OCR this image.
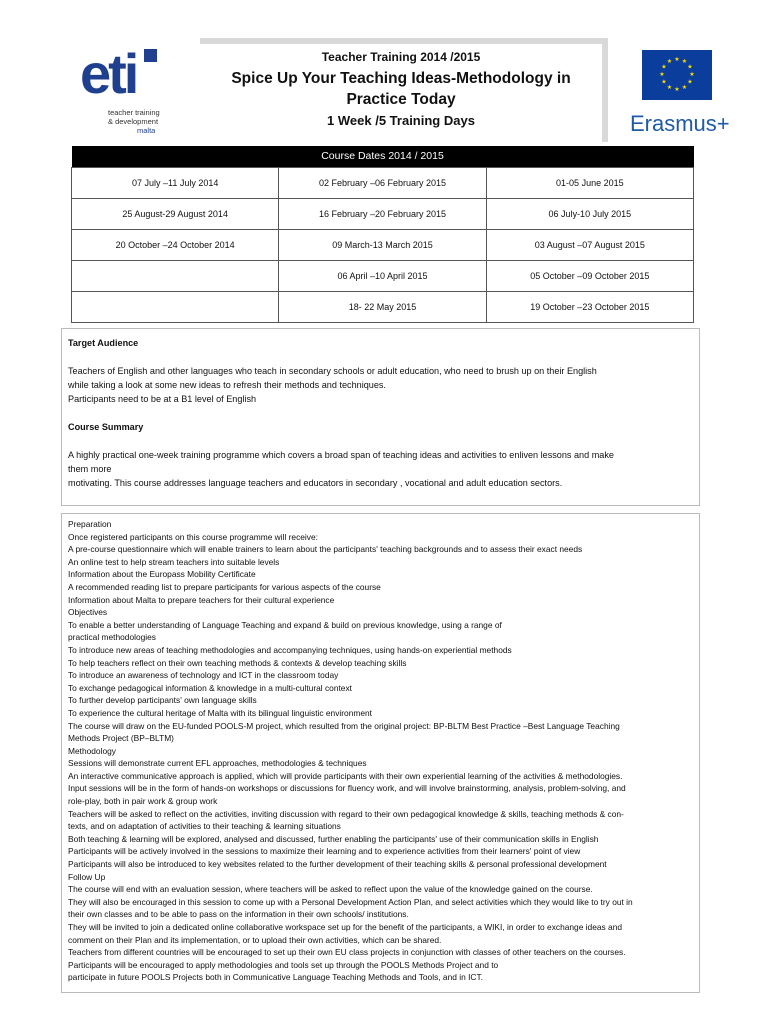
eti
teacher training
& development
malta
Teacher Training 2014 /2015
Spice Up Your Teaching Ideas-Methodology in
Practice Today
1 Week /5 Training Days
★ ★
★
★
★
★
★
★
★
★
★
★
Erasmus+
Course Dates 2014 / 2015		
07 July –11 July 2014	02 February –06 February 2015	01-05 June 2015
25 August-29 August 2014	16 February –20 February 2015	06 July-10 July 2015
20 October –24 October 2014	09 March-13 March 2015	03 August –07 August 2015
	06 April –10 April 2015	05 October –09 October 2015
	18- 22 May 2015	19 October –23 October 2015
Target Audience
Teachers of English and other languages who teach in secondary schools or adult education, who need to brush up on their English
while taking a look at some new ideas to refresh their methods and techniques.
Participants need to be at a B1 level of English
Course Summary
A highly practical one-week training programme which covers a broad span of teaching ideas and activities to enliven lessons and make
them more
motivating. This course addresses language teachers and educators in secondary , vocational and adult education sectors.

Preparation

Once registered participants on this course programme will receive:

A pre-course questionnaire which will enable trainers to learn about the participants' teaching backgrounds and to assess their exact needs

An online test to help stream teachers into suitable levels

Information about the Europass Mobility Certificate

A recommended reading list to prepare participants for various aspects of the course

Information about Malta to prepare teachers for their cultural experience

Objectives

To enable a better understanding of Language Teaching and expand & build on previous knowledge, using a range of

practical methodologies

To introduce new areas of teaching methodologies and accompanying techniques, using hands-on experiential methods

To help teachers reflect on their own teaching methods & contexts & develop teaching skills

To introduce an awareness of technology and ICT in the classroom today

To exchange pedagogical information & knowledge in a multi-cultural context

To further develop participants' own language skills

To experience the cultural heritage of Malta with its bilingual linguistic environment

The course will draw on the EU-funded POOLS-M project, which resulted from the original project: BP-BLTM Best Practice –Best Language Teaching

Methods Project (BP–BLTM)

Methodology

Sessions will demonstrate current EFL approaches, methodologies & techniques

An interactive communicative approach is applied, which will provide participants with their own experiential learning of the activities & methodologies.

Input sessions will be in the form of hands-on workshops or discussions for fluency work, and will involve brainstorming, analysis, problem-solving, and

role-play, both in pair work & group work

Teachers will be asked to reflect on the activities, inviting discussion with regard to their own pedagogical knowledge & skills, teaching methods & con-

texts, and on adaptation of activities to their teaching & learning situations

Both teaching & learning will be explored, analysed and discussed, further enabling the participants' use of their communication skills in English

Participants will be actively involved in the sessions to maximize their learning and to experience activities from their learners' point of view

Participants will also be introduced to key websites related to the further development of their teaching skills & personal professional development

Follow Up

The course will end with an evaluation session, where teachers will be asked to reflect upon the value of the knowledge gained on the course.

They will also be encouraged in this session to come up with a Personal Development Action Plan, and select activities which they would like to try out in

their own classes and to be able to pass on the information in their own schools/ institutions.

They will be invited to join a dedicated online collaborative workspace set up for the benefit of the participants, a WIKI, in order to exchange ideas and

comment on their Plan and its implementation, or to upload their own activities, which can be shared.

Teachers from different countries will be encouraged to set up their own EU class projects in conjunction with classes of other teachers on the courses.

Participants will be encouraged to apply methodologies and tools set up through the POOLS Methods Project and to

participate in future POOLS Projects both in Communicative Language Teaching Methods and Tools, and in ICT.
